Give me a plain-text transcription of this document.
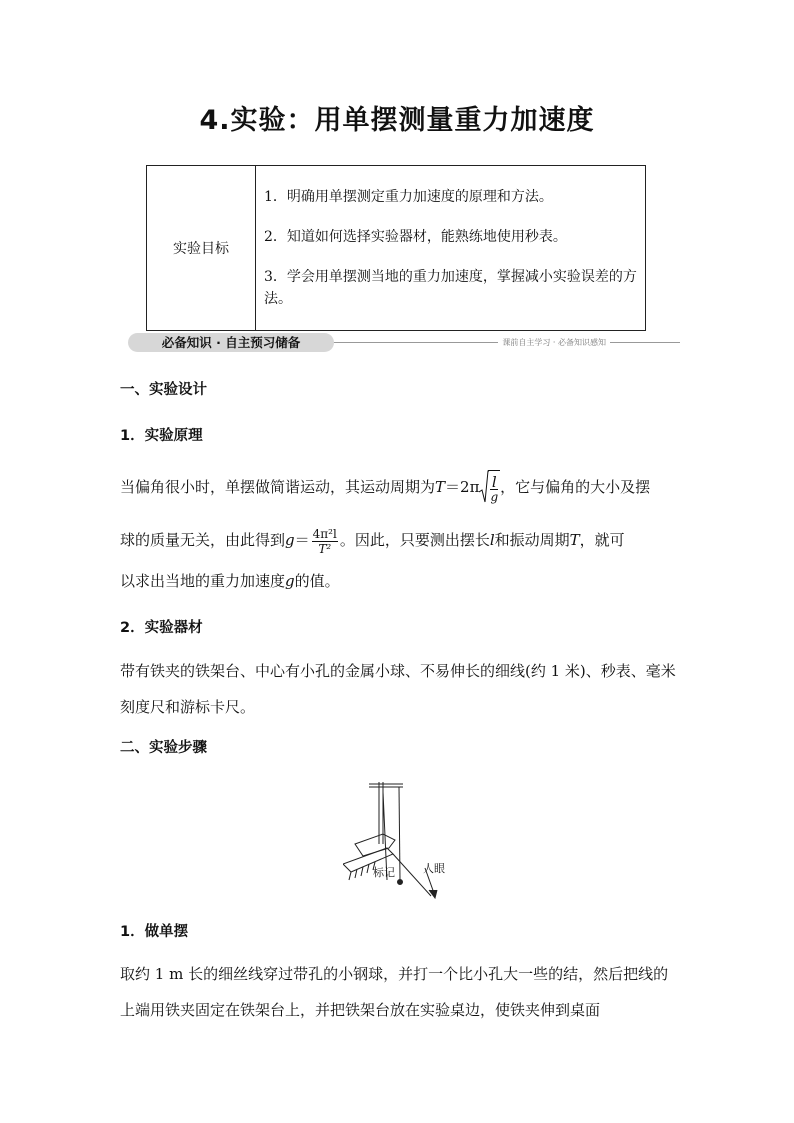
4.实验：用单摆测量重力加速度
实验目标	

1．明确用单摆测定重力加速度的原理和方法。

2．知道如何选择实验器材，能熟练地使用秒表。

3．学会用单摆测当地的重力加速度，掌握减小实验误差的方法。

必备知识 · 自主预习储备	课前自主学习 · 必备知识感知
一、实验设计
1．实验原理
当偏角很小时，单摆做简谐运动，其运动周期为$T=2\pi \frac{l}{g}$ ，它与偏角的大小及摆
球的质量无关，由此得到$g= \frac{\text{4π²l}}{\text{T²}}$ 。因此，只要测出摆长l和振动周期T，就可
以求出当地的重力加速度g的值。
2．实验器材
带有铁夹的铁架台、中心有小孔的金属小球、不易伸长的细线(约 1 米)、秒表、毫米刻度尺和游标卡尺。
二、实验步骤
标记	人眼
1．做单摆
取约 1 m 长的细丝线穿过带孔的小钢球，并打一个比小孔大一些的结，然后把线的上端用铁夹固定在铁架台上，并把铁架台放在实验桌边，使铁夹伸到桌面
